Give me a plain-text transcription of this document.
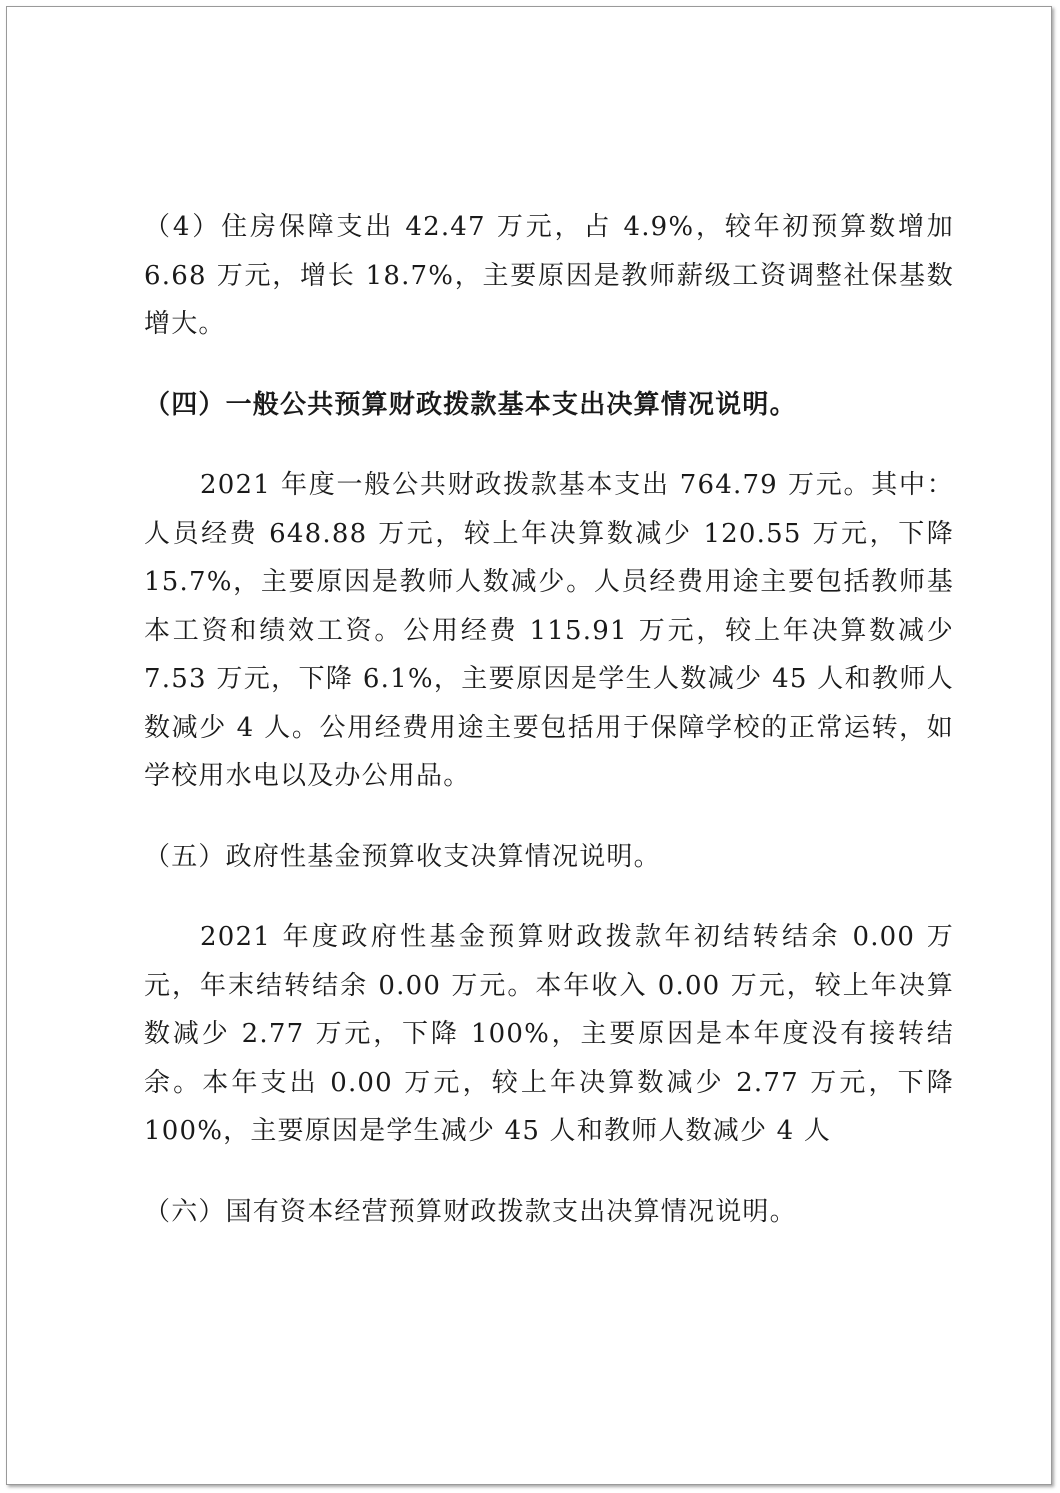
（4）住房保障支出 42.47 万元，占 4.9%，较年初预算数增加 6.68 万元，增长 18.7%，主要原因是教师薪级工资调整社保基数增大。

（四）一般公共预算财政拨款基本支出决算情况说明。

2021 年度一般公共财政拨款基本支出 764.79 万元。其中：人员经费 648.88 万元，较上年决算数减少 120.55 万元，下降 15.7%，主要原因是教师人数减少。人员经费用途主要包括教师基本工资和绩效工资。公用经费 115.91 万元，较上年决算数减少 7.53 万元，下降 6.1%，主要原因是学生人数减少 45 人和教师人数减少 4 人。公用经费用途主要包括用于保障学校的正常运转，如学校用水电以及办公用品。

（五）政府性基金预算收支决算情况说明。

2021 年度政府性基金预算财政拨款年初结转结余 0.00 万元，年末结转结余 0.00 万元。本年收入 0.00 万元，较上年决算数减少 2.77 万元，下降 100%，主要原因是本年度没有接转结余。本年支出 0.00 万元，较上年决算数减少 2.77 万元，下降 100%，主要原因是学生减少 45 人和教师人数减少 4 人

（六）国有资本经营预算财政拨款支出决算情况说明。
